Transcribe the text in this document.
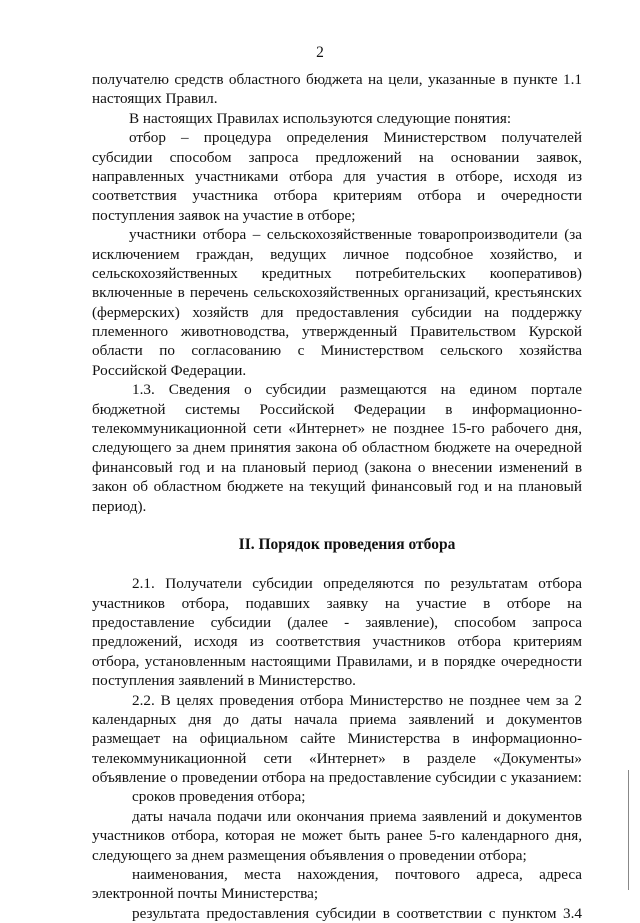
2
получателю средств областного бюджета на цели, указанные в пункте 1.1
настоящих Правил.
В настоящих Правилах используются следующие понятия:
отбор – процедура определения Министерством получателей
субсидии способом запроса предложений на основании заявок,
направленных участниками отбора для участия в отборе, исходя из
соответствия участника отбора критериям отбора и очередности
поступления заявок на участие в отборе;
участники отбора – сельскохозяйственные товаропроизводители (за
исключением граждан, ведущих личное подсобное хозяйство, и
сельскохозяйственных кредитных потребительских кооперативов)
включенные в перечень сельскохозяйственных организаций, крестьянских
(фермерских) хозяйств для предоставления субсидии на поддержку
племенного животноводства, утвержденный Правительством Курской
области по согласованию с Министерством сельского хозяйства
Российской Федерации.
1.3. Сведения о субсидии размещаются на едином портале
бюджетной системы Российской Федерации в информационно-
телекоммуникационной сети «Интернет» не позднее 15-го рабочего дня,
следующего за днем принятия закона об областном бюджете на очередной
финансовый год и на плановый период (закона о внесении изменений в
закон об областном бюджете на текущий финансовый год и на плановый
период).
II. Порядок проведения отбора
2.1. Получатели субсидии определяются по результатам отбора
участников отбора, подавших заявку на участие в отборе на
предоставление субсидии (далее - заявление), способом запроса
предложений, исходя из соответствия участников отбора критериям
отбора, установленным настоящими Правилами, и в порядке очередности
поступления заявлений в Министерство.
2.2. В целях проведения отбора Министерство не позднее чем за 2
календарных дня до даты начала приема заявлений и документов
размещает на официальном сайте Министерства в информационно-
телекоммуникационной сети «Интернет» в разделе «Документы»
объявление о проведении отбора на предоставление субсидии с указанием:
сроков проведения отбора;
даты начала подачи или окончания приема заявлений и документов
участников отбора, которая не может быть ранее 5-го календарного дня,
следующего за днем размещения объявления о проведении отбора;
наименования, места нахождения, почтового адреса, адреса
электронной почты Министерства;
результата предоставления субсидии в соответствии с пунктом 3.4
